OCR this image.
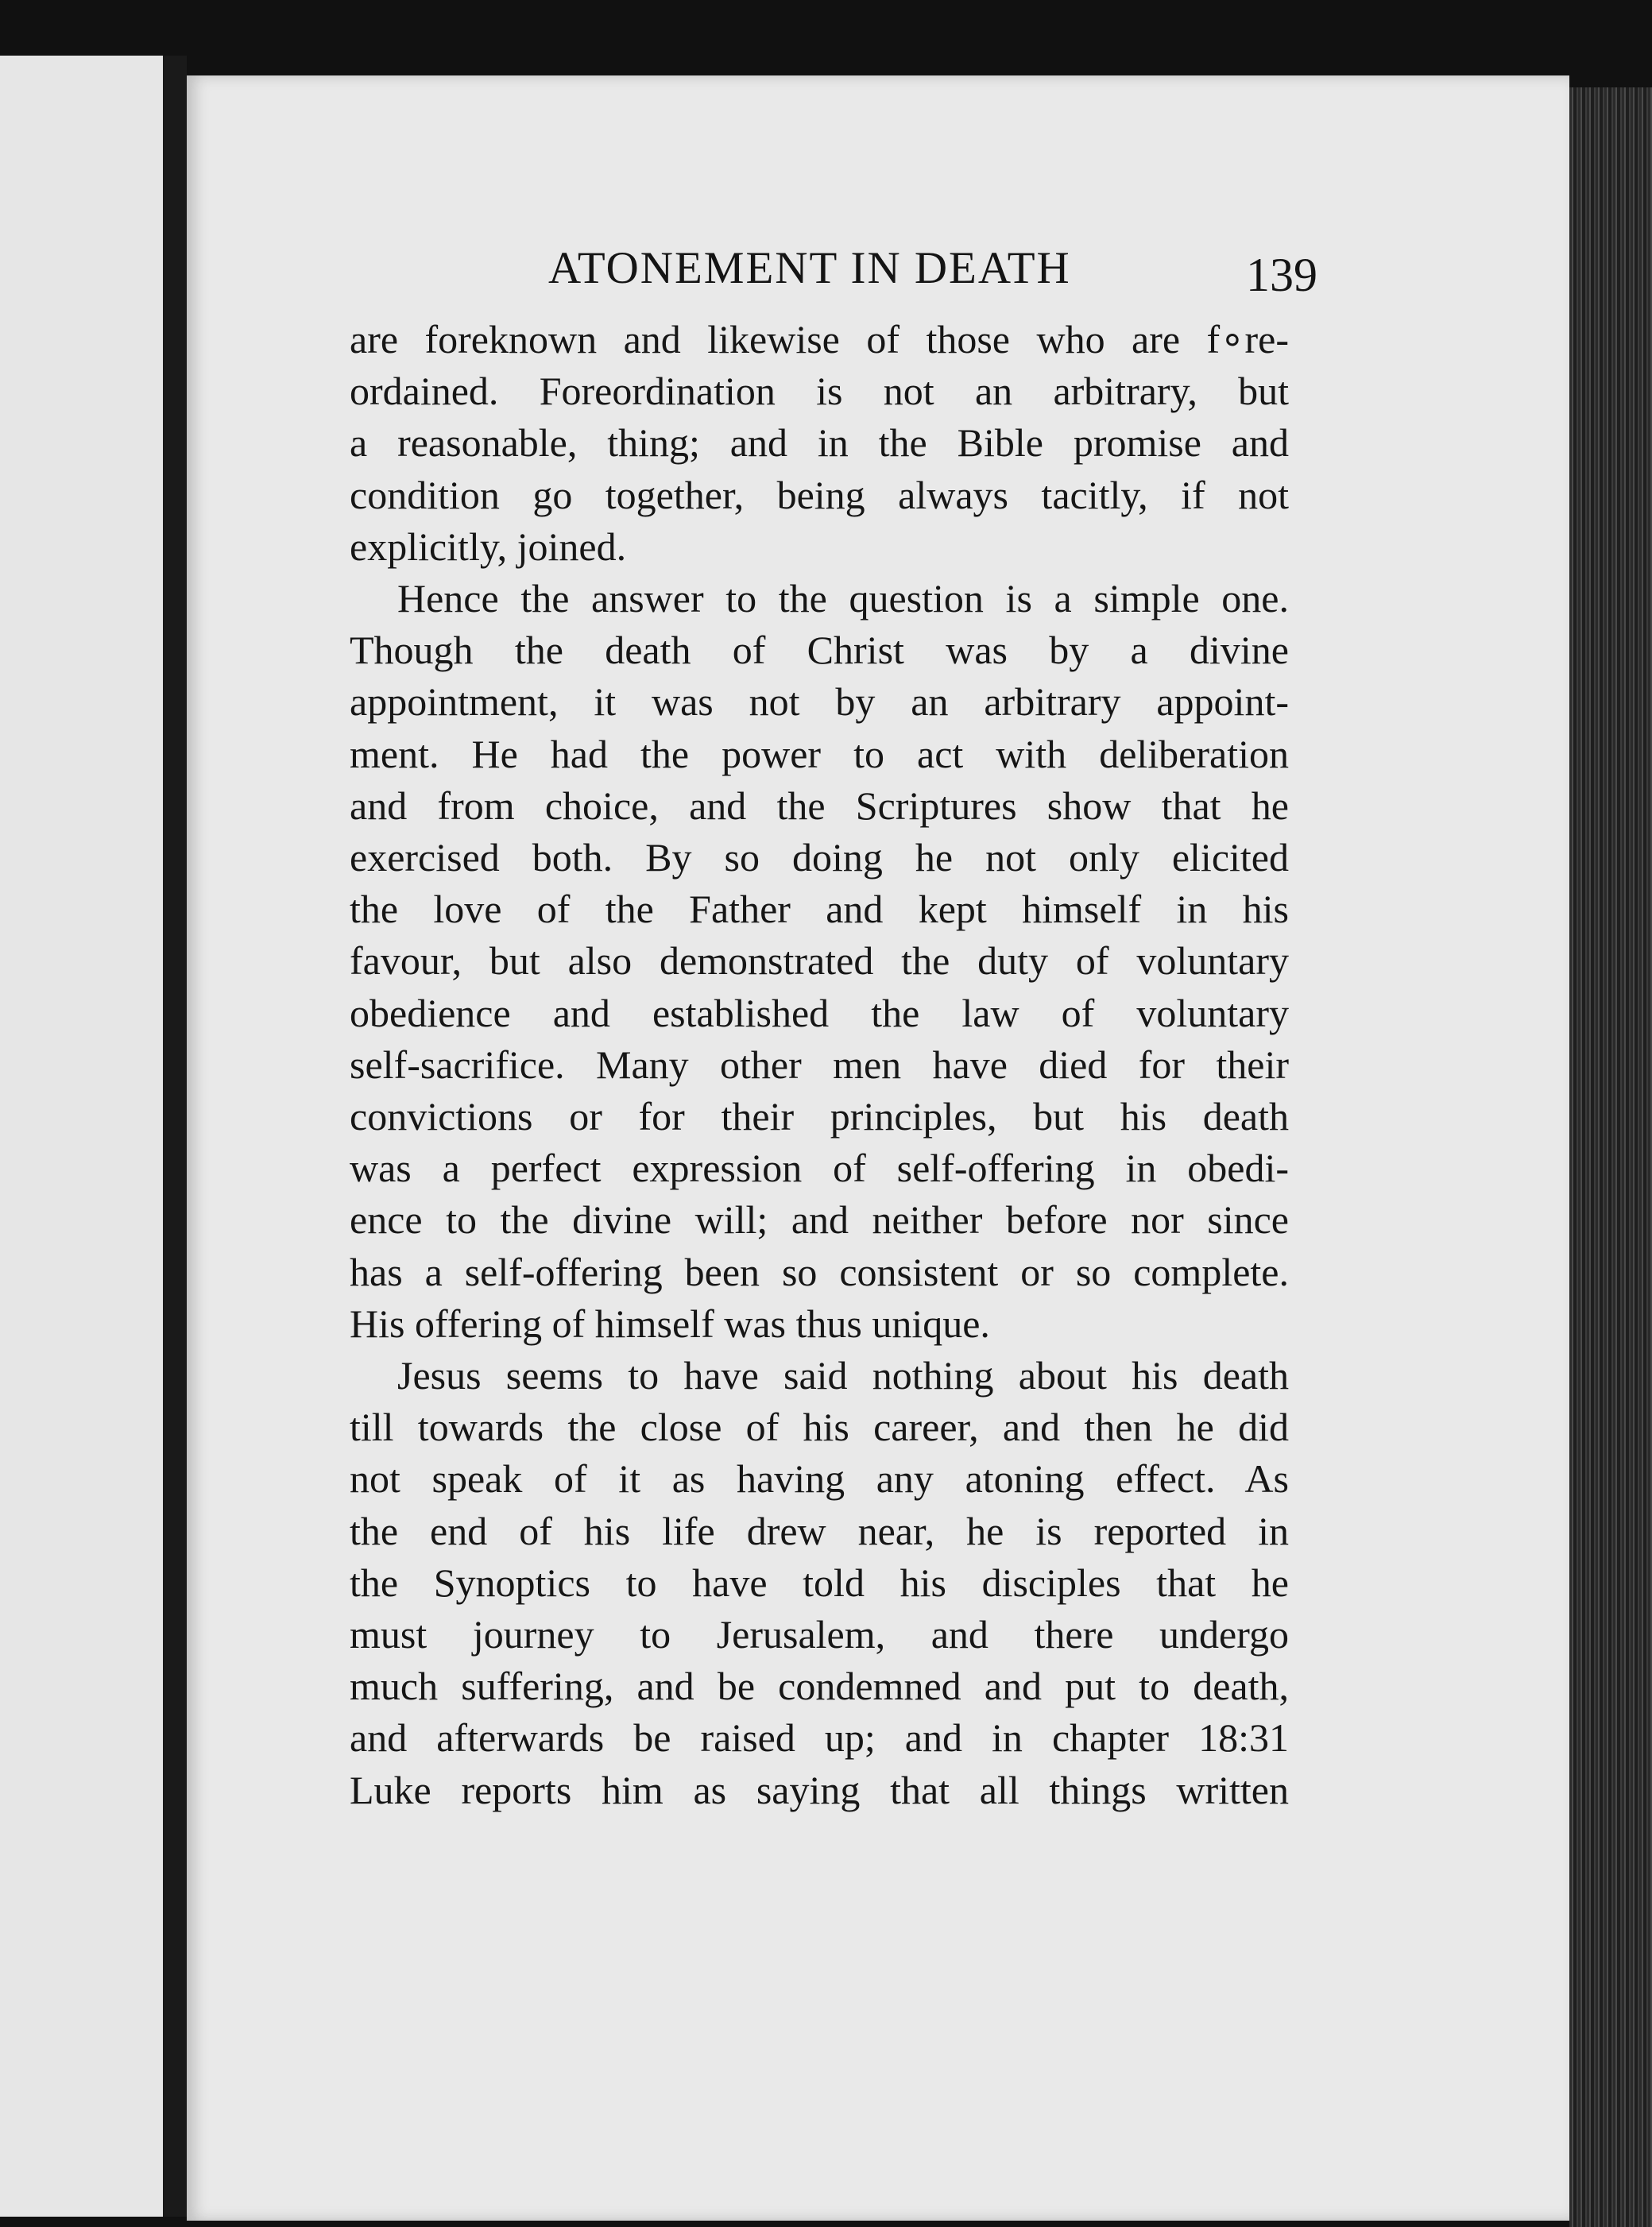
ATONEMENT IN DEATH	139
are foreknown and likewise of those who are f∘re-
ordained. Foreordination is not an arbitrary, but
a reasonable, thing; and in the Bible promise and
condition go together, being always tacitly, if not
explicitly, joined.
Hence the answer to the question is a simple one.
Though the death of Christ was by a divine
appointment, it was not by an arbitrary appoint-
ment. He had the power to act with deliberation
and from choice, and the Scriptures show that he
exercised both. By so doing he not only elicited
the love of the Father and kept himself in his
favour, but also demonstrated the duty of voluntary
obedience and established the law of voluntary
self-sacrifice. Many other men have died for their
convictions or for their principles, but his death
was a perfect expression of self-offering in obedi-
ence to the divine will; and neither before nor since
has a self-offering been so consistent or so complete.
His offering of himself was thus unique.
Jesus seems to have said nothing about his death
till towards the close of his career, and then he did
not speak of it as having any atoning effect. As
the end of his life drew near, he is reported in
the Synoptics to have told his disciples that he
must journey to Jerusalem, and there undergo
much suffering, and be condemned and put to death,
and afterwards be raised up; and in chapter 18:31
Luke reports him as saying that all things written
